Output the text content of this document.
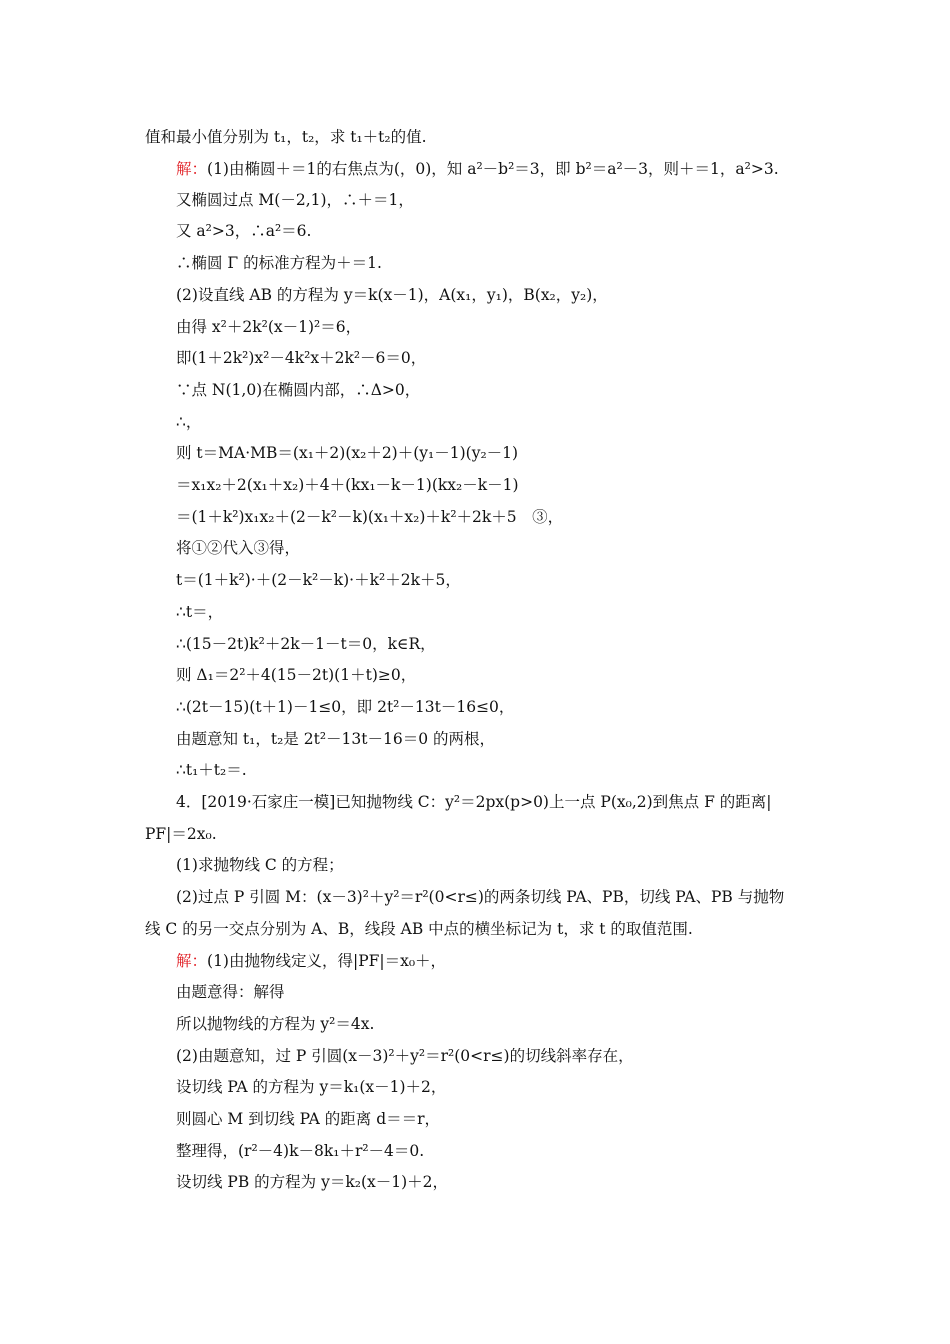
值和最小值分别为 t₁，t₂，求 t₁＋t₂的值.
解：(1)由椭圆＋＝1的右焦点为(，0)，知 a²－b²＝3，即 b²＝a²－3，则＋＝1，a²>3.
又椭圆过点 M(－2,1)，∴＋＝1，
又 a²>3，∴a²＝6.
∴椭圆 Γ 的标准方程为＋＝1.
(2)设直线 AB 的方程为 y＝k(x－1)，A(x₁，y₁)，B(x₂，y₂)，
由得 x²＋2k²(x－1)²＝6，
即(1＋2k²)x²－4k²x＋2k²－6＝0，
∵点 N(1,0)在椭圆内部，∴Δ>0，
∴，
则 t＝MA·MB＝(x₁＋2)(x₂＋2)＋(y₁－1)(y₂－1)
＝x₁x₂＋2(x₁＋x₂)＋4＋(kx₁－k－1)(kx₂－k－1)
＝(1＋k²)x₁x₂＋(2－k²－k)(x₁＋x₂)＋k²＋2k＋5　③，
将①②代入③得，
t＝(1＋k²)·＋(2－k²－k)·＋k²＋2k＋5，
∴t＝，
∴(15－2t)k²＋2k－1－t＝0，k∈R，
则 Δ₁＝2²＋4(15－2t)(1＋t)≥0，
∴(2t－15)(t＋1)－1≤0，即 2t²－13t－16≤0，
由题意知 t₁，t₂是 2t²－13t－16＝0 的两根，
∴t₁＋t₂＝.
4．[2019·石家庄一模]已知抛物线 C：y²＝2px(p>0)上一点 P(x₀,2)到焦点 F 的距离|
PF|＝2x₀.
(1)求抛物线 C 的方程；
(2)过点 P 引圆 M：(x－3)²＋y²＝r²(0<r≤)的两条切线 PA、PB，切线 PA、PB 与抛物
线 C 的另一交点分别为 A、B，线段 AB 中点的横坐标记为 t，求 t 的取值范围.
解：(1)由抛物线定义，得|PF|＝x₀＋，
由题意得：解得
所以抛物线的方程为 y²＝4x.
(2)由题意知，过 P 引圆(x－3)²＋y²＝r²(0<r≤)的切线斜率存在，
设切线 PA 的方程为 y＝k₁(x－1)＋2，
则圆心 M 到切线 PA 的距离 d＝＝r，
整理得，(r²－4)k－8k₁＋r²－4＝0.
设切线 PB 的方程为 y＝k₂(x－1)＋2，
